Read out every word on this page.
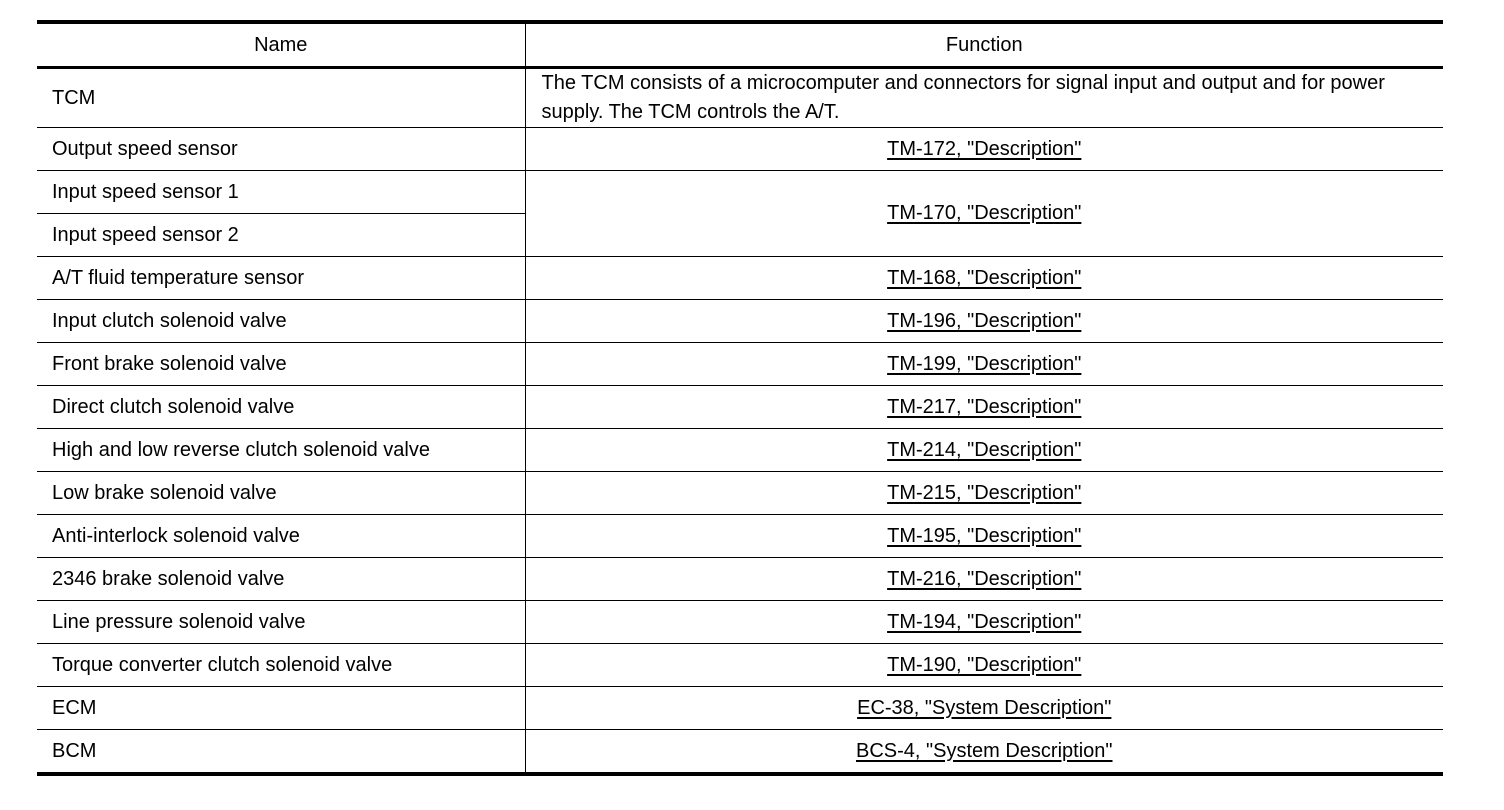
Name	Function
TCM	The TCM consists of a microcomputer and connectors for signal input and output and for power supply. The TCM controls the A/T.
Output speed sensor	TM-172, "Description"
Input speed sensor 1	TM-170, "Description"
Input speed sensor 2	
A/T fluid temperature sensor	TM-168, "Description"
Input clutch solenoid valve	TM-196, "Description"
Front brake solenoid valve	TM-199, "Description"
Direct clutch solenoid valve	TM-217, "Description"
High and low reverse clutch solenoid valve	TM-214, "Description"
Low brake solenoid valve	TM-215, "Description"
Anti-interlock solenoid valve	TM-195, "Description"
2346 brake solenoid valve	TM-216, "Description"
Line pressure solenoid valve	TM-194, "Description"
Torque converter clutch solenoid valve	TM-190, "Description"
ECM	EC-38, "System Description"
BCM	BCS-4, "System Description"
